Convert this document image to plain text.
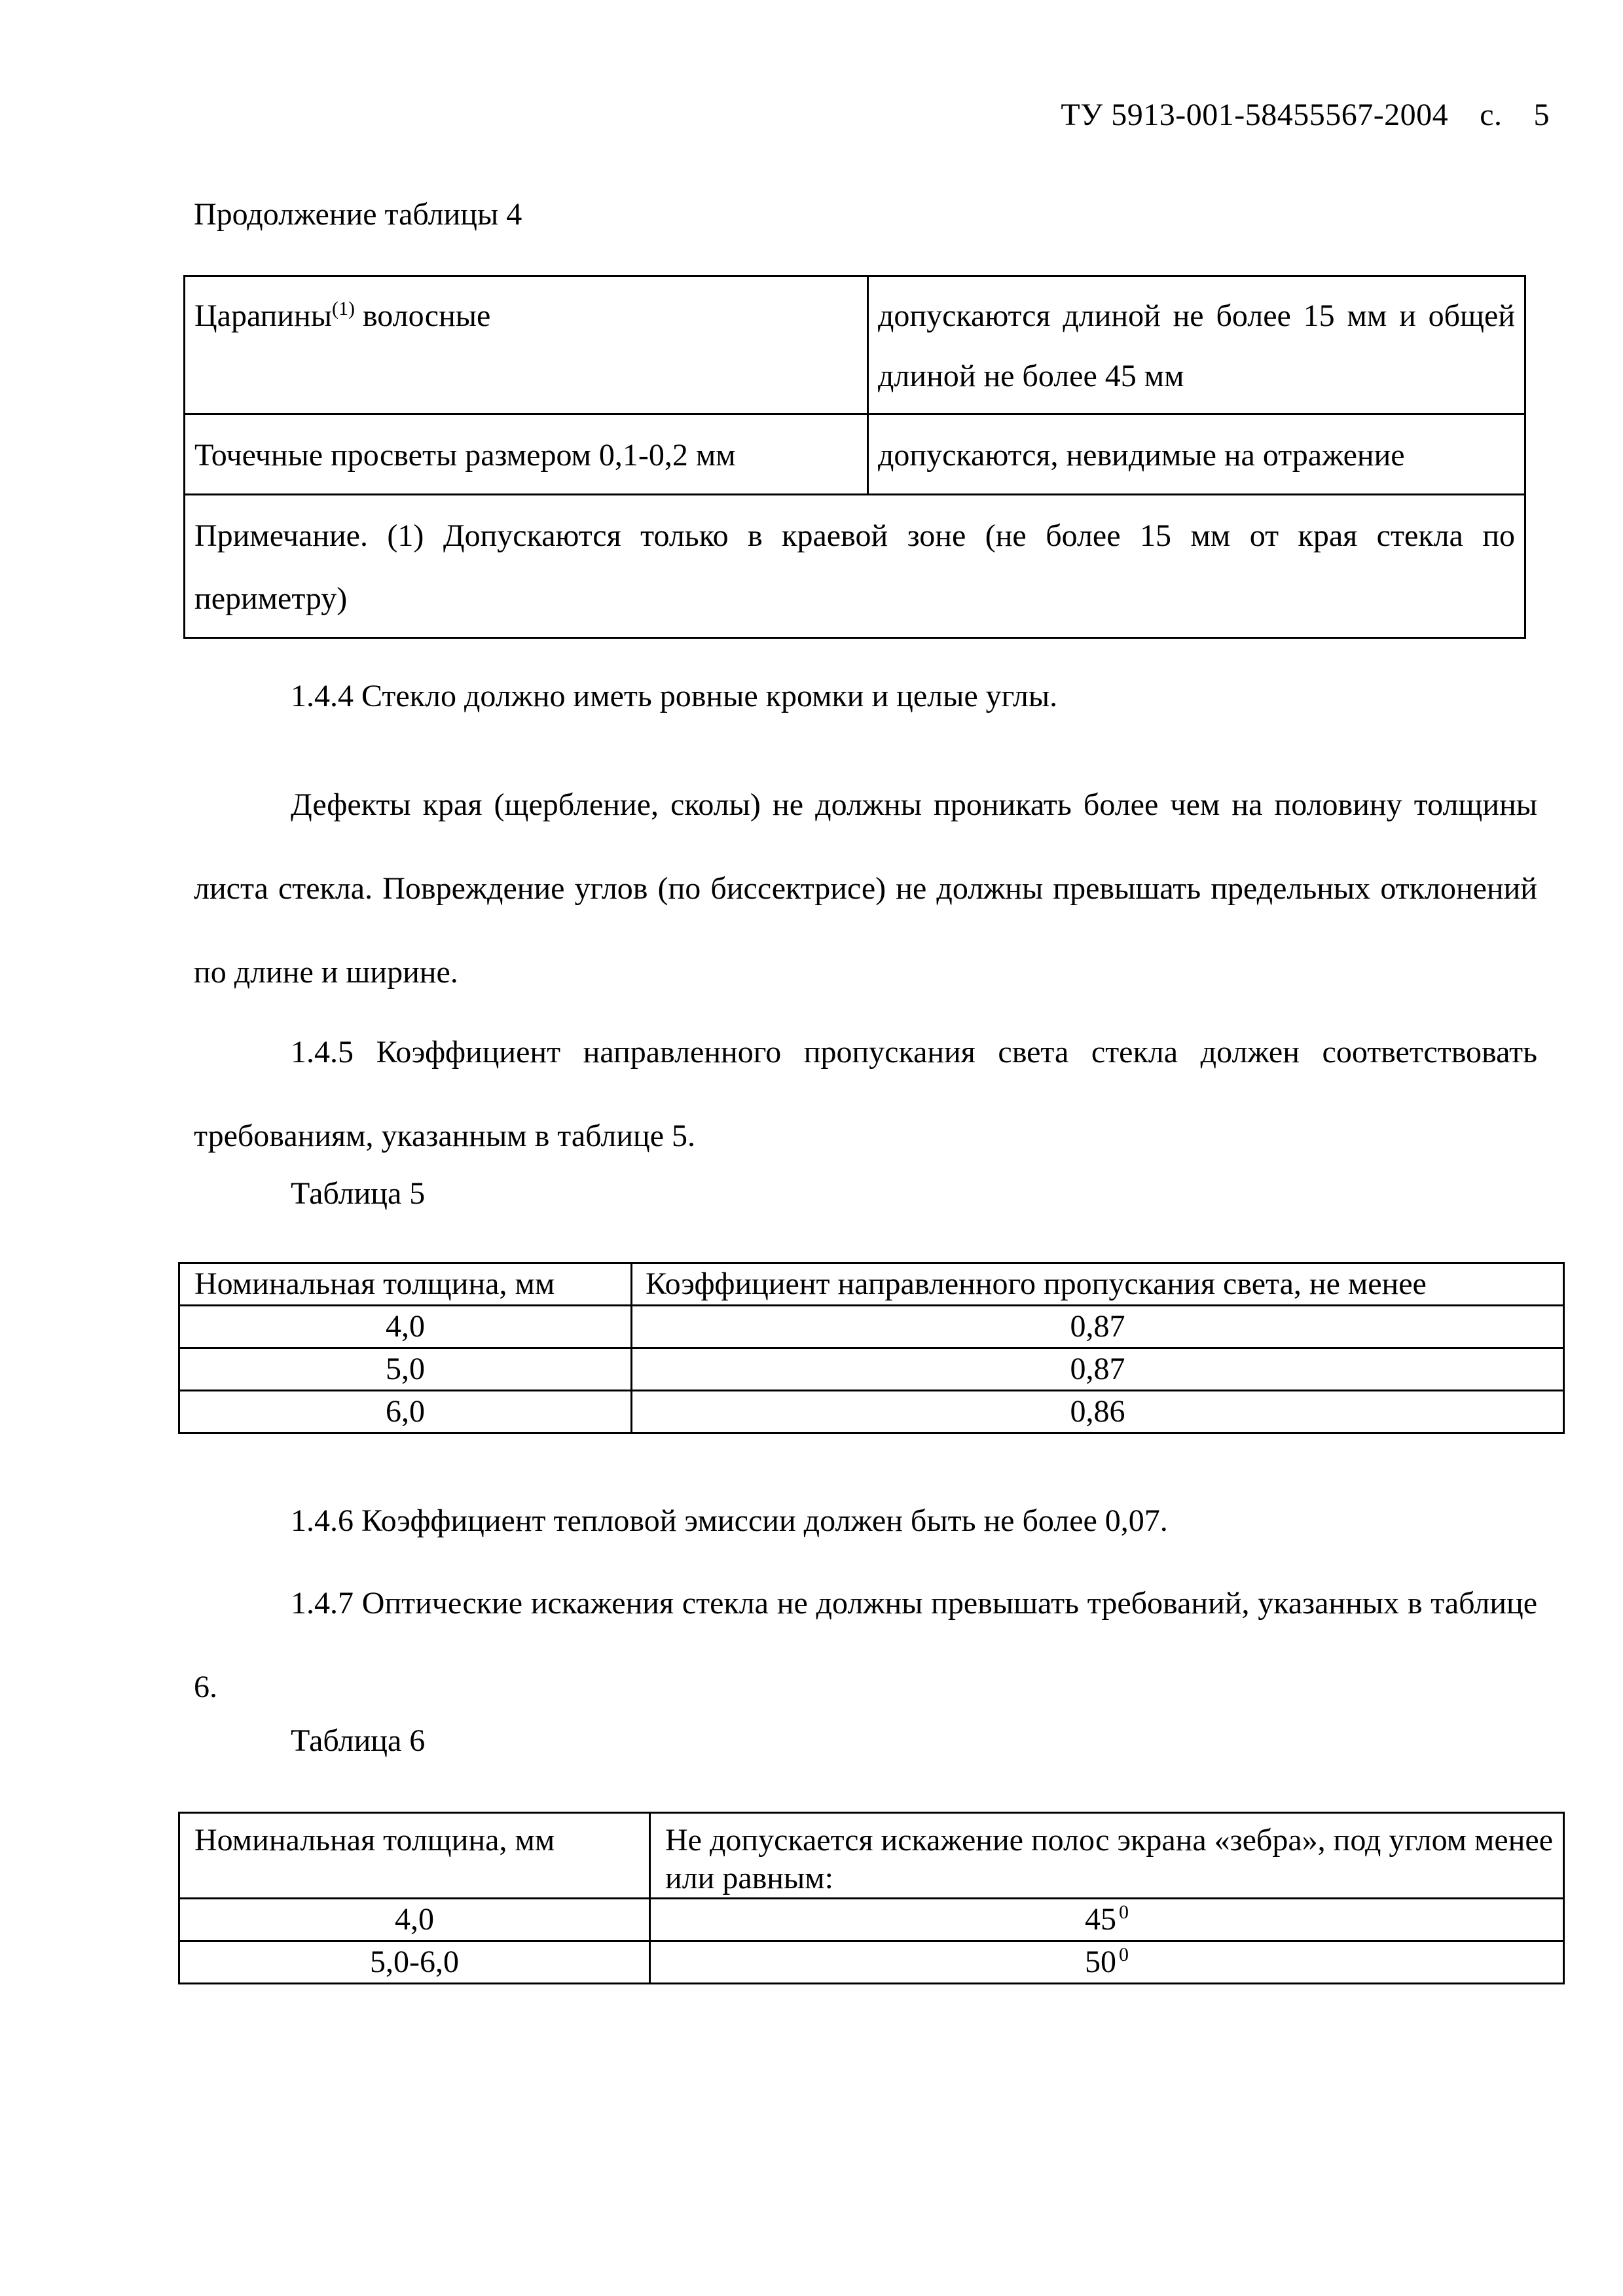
ТУ 5913-001-58455567-2004 с. 5
Продолжение таблицы 4
Царапины$^{(1)}$ волосные	допускаются длиной не более 15 мм и общей длиной не более 45 мм
Точечные просветы размером 0,1-0,2 мм	допускаются, невидимые на отражение
Примечание. (1) Допускаются только в краевой зоне (не более 15 мм от края стекла по периметру)	
1.4.4 Стекло должно иметь ровные кромки и целые углы.
Дефекты края (щербление, сколы) не должны проникать более чем на половину толщины листа стекла. Повреждение углов (по биссектрисе) не должны превышать предельных отклонений по длине и ширине.
1.4.5 Коэффициент направленного пропускания света стекла должен соответствовать требованиям, указанным в таблице 5.
Таблица 5
Номинальная толщина, мм	Коэффициент направленного пропускания света, не менее
4,0	0,87
5,0	0,87
6,0	0,86
1.4.6 Коэффициент тепловой эмиссии должен быть не более 0,07.
1.4.7 Оптические искажения стекла не должны превышать требований, указанных в таблице 6.
Таблица 6
Номинальная толщина, мм	Не допускается искажение полос экрана «зебра», под углом менее или равным:
4,0	45 $^0$
5,0-6,0	50 $^0$
